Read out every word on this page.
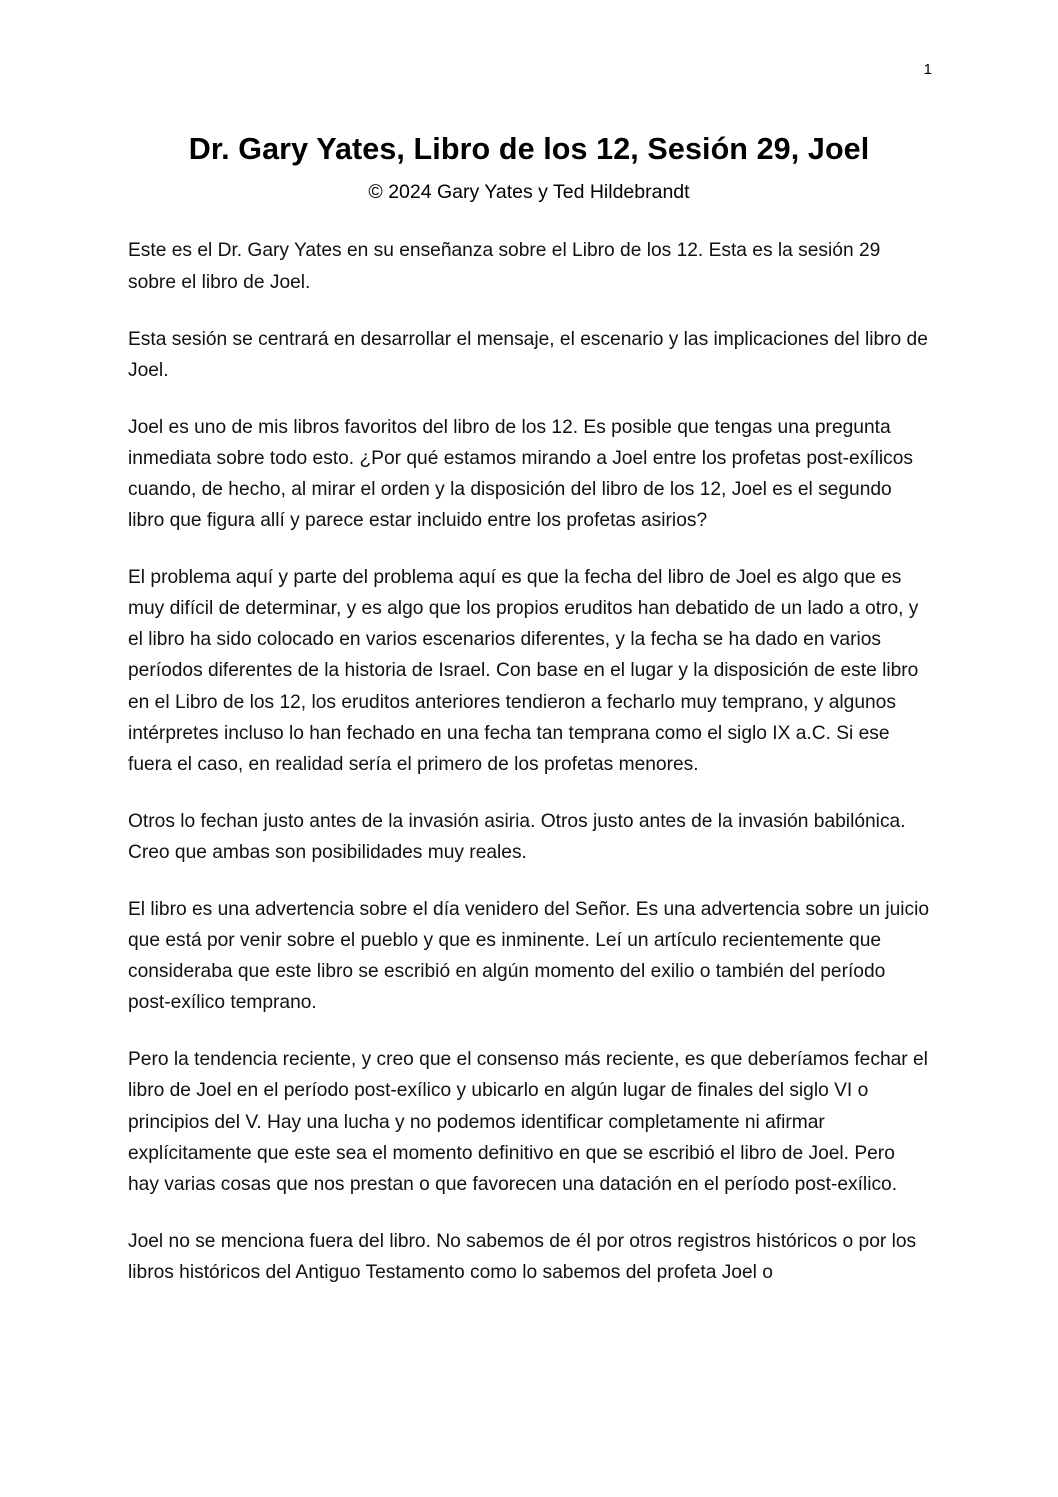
1
Dr. Gary Yates, Libro de los 12, Sesión 29, Joel
© 2024 Gary Yates y Ted Hildebrandt

Este es el Dr. Gary Yates en su enseñanza sobre el Libro de los 12. Esta es la sesión 29 sobre el libro de Joel.

Esta sesión se centrará en desarrollar el mensaje, el escenario y las implicaciones del libro de Joel.

Joel es uno de mis libros favoritos del libro de los 12. Es posible que tengas una pregunta inmediata sobre todo esto. ¿Por qué estamos mirando a Joel entre los profetas post-exílicos cuando, de hecho, al mirar el orden y la disposición del libro de los 12, Joel es el segundo libro que figura allí y parece estar incluido entre los profetas asirios?

El problema aquí y parte del problema aquí es que la fecha del libro de Joel es algo que es muy difícil de determinar, y es algo que los propios eruditos han debatido de un lado a otro, y el libro ha sido colocado en varios escenarios diferentes, y la fecha se ha dado en varios períodos diferentes de la historia de Israel. Con base en el lugar y la disposición de este libro en el Libro de los 12, los eruditos anteriores tendieron a fecharlo muy temprano, y algunos intérpretes incluso lo han fechado en una fecha tan temprana como el siglo IX a.C. Si ese fuera el caso, en realidad sería el primero de los profetas menores.

Otros lo fechan justo antes de la invasión asiria. Otros justo antes de la invasión babilónica. Creo que ambas son posibilidades muy reales.

El libro es una advertencia sobre el día venidero del Señor. Es una advertencia sobre un juicio que está por venir sobre el pueblo y que es inminente. Leí un artículo recientemente que consideraba que este libro se escribió en algún momento del exilio o también del período post-exílico temprano.

Pero la tendencia reciente, y creo que el consenso más reciente, es que deberíamos fechar el libro de Joel en el período post-exílico y ubicarlo en algún lugar de finales del siglo VI o principios del V. Hay una lucha y no podemos identificar completamente ni afirmar explícitamente que este sea el momento definitivo en que se escribió el libro de Joel. Pero hay varias cosas que nos prestan o que favorecen una datación en el período post-exílico.

Joel no se menciona fuera del libro. No sabemos de él por otros registros históricos o por los libros históricos del Antiguo Testamento como lo sabemos del profeta Joel o
